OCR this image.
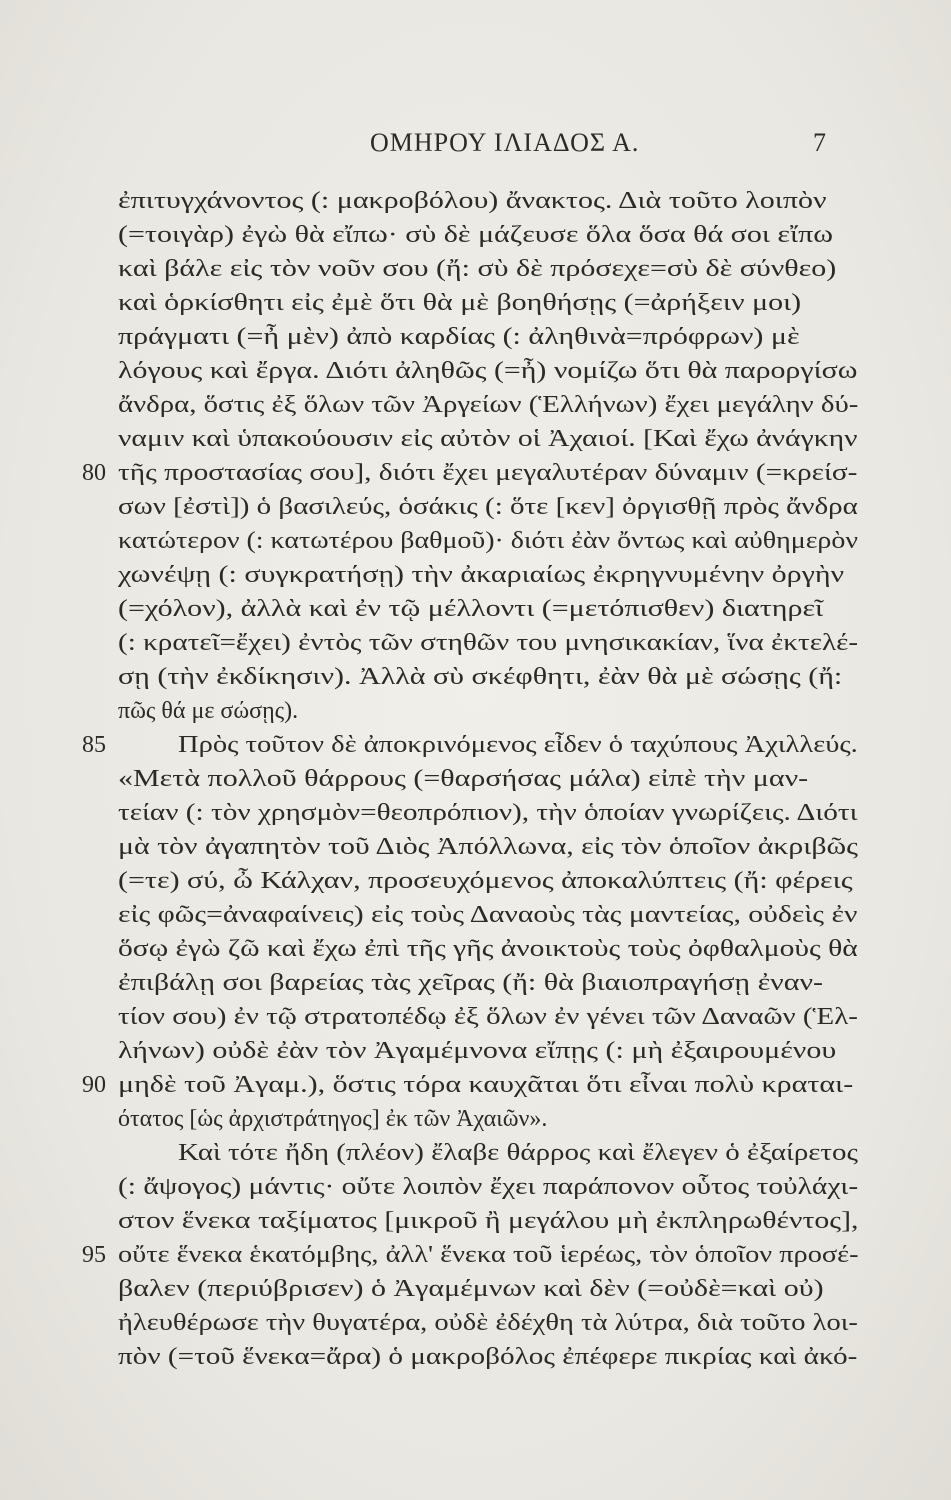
ΟΜΗΡΟΥ ΙΛΙΑΔΟΣ Α.	7
ἐπιτυγχάνοντος (: μακροβόλου) ἄνακτος. Διὰ τοῦτο λοιπὸν
(=τοιγὰρ) ἐγὼ θὰ εἴπω· σὺ δὲ μάζευσε ὅλα ὅσα θά σοι εἴπω
καὶ βάλε εἰς τὸν νοῦν σου (ἤ: σὺ δὲ πρόσεχε=σὺ δὲ σύνθεο)
καὶ ὁρκίσθητι εἰς ἐμὲ ὅτι θὰ μὲ βοηθήσῃς (=ἀρήξειν μοι)
πράγματι (=ἦ μὲν) ἀπὸ καρδίας (: ἀληθινὰ=πρόφρων) μὲ
λόγους καὶ ἔργα. Διότι ἀληθῶς (=ἦ) νομίζω ὅτι θὰ παροργίσω
ἄνδρα, ὅστις ἐξ ὅλων τῶν Ἀργείων (Ἑλλήνων) ἔχει μεγάλην δύ-
ναμιν καὶ ὑπακούουσιν εἰς αὐτὸν οἱ Ἀχαιοί. [Καὶ ἔχω ἀνάγκην
τῆς προστασίας σου], διότι ἔχει μεγαλυτέραν δύναμιν (=κρείσ-
σων [ἐστὶ]) ὁ βασιλεύς, ὁσάκις (: ὅτε [κεν] ὀργισθῇ πρὸς ἄνδρα
κατώτερον (: κατωτέρου βαθμοῦ)· διότι ἐὰν ὄντως καὶ αὐθημερὸν
χωνέψῃ (: συγκρατήσῃ) τὴν ἀκαριαίως ἐκρηγνυμένην ὀργὴν
(=χόλον), ἀλλὰ καὶ ἐν τῷ μέλλοντι (=μετόπισθεν) διατηρεῖ
(: κρατεῖ=ἔχει) ἐντὸς τῶν στηθῶν του μνησικακίαν, ἵνα ἐκτελέ-
σῃ (τὴν ἐκδίκησιν). Ἀλλὰ σὺ σκέφθητι, ἐὰν θὰ μὲ σώσῃς (ἤ:
πῶς θά με σώσῃς).
Πρὸς τοῦτον δὲ ἀποκρινόμενος εἶδεν ὁ ταχύπους Ἀχιλλεύς.
«Μετὰ πολλοῦ θάρρους (=θαρσήσας μάλα) εἰπὲ τὴν μαν-
τείαν (: τὸν χρησμὸν=θεοπρόπιον), τὴν ὁποίαν γνωρίζεις. Διότι
μὰ τὸν ἀγαπητὸν τοῦ Διὸς Ἀπόλλωνα, εἰς τὸν ὁποῖον ἀκριβῶς
(=τε) σύ, ὦ Κάλχαν, προσευχόμενος ἀποκαλύπτεις (ἤ: φέρεις
εἰς φῶς=ἀναφαίνεις) εἰς τοὺς Δαναοὺς τὰς μαντείας, οὐδεὶς ἐν
ὅσῳ ἐγὼ ζῶ καὶ ἔχω ἐπὶ τῆς γῆς ἀνοικτοὺς τοὺς ὀφθαλμοὺς θὰ
ἐπιβάλῃ σοι βαρείας τὰς χεῖρας (ἤ: θὰ βιαιοπραγήσῃ ἐναν-
τίον σου) ἐν τῷ στρατοπέδῳ ἐξ ὅλων ἐν γένει τῶν Δαναῶν (Ἑλ-
λήνων) οὐδὲ ἐὰν τὸν Ἀγαμέμνονα εἴπῃς (: μὴ ἐξαιρουμένου
μηδὲ τοῦ Ἀγαμ.), ὅστις τόρα καυχᾶται ὅτι εἶναι πολὺ κραται-
ότατος [ὡς ἀρχιστράτηγος] ἐκ τῶν Ἀχαιῶν».
Καὶ τότε ἤδη (πλέον) ἔλαβε θάρρος καὶ ἔλεγεν ὁ ἐξαίρετος
(: ἄψογος) μάντις· οὔτε λοιπὸν ἔχει παράπονον οὗτος τοὐλάχι-
στον ἕνεκα ταξίματος [μικροῦ ἢ μεγάλου μὴ ἐκπληρωθέντος],
οὔτε ἕνεκα ἑκατόμβης, ἀλλ' ἕνεκα τοῦ ἱερέως, τὸν ὁποῖον προσέ-
βαλεν (περιύβρισεν) ὁ Ἀγαμέμνων καὶ δὲν (=οὐδὲ=καὶ οὐ)
ἠλευθέρωσε τὴν θυγατέρα, οὐδὲ ἐδέχθη τὰ λύτρα, διὰ τοῦτο λοι-
πὸν (=τοῦ ἕνεκα=ἄρα) ὁ μακροβόλος ἐπέφερε πικρίας καὶ ἀκό-
80
85
90
95
